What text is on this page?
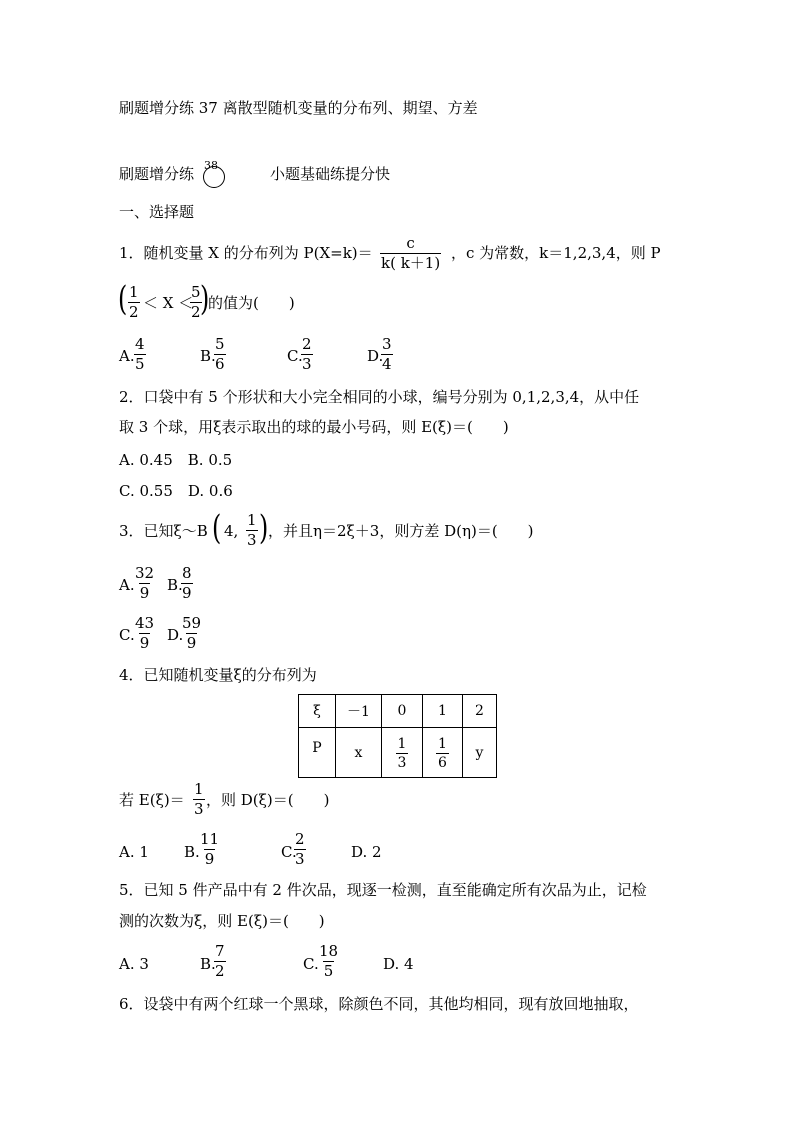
刷题增分练 37 离散型随机变量的分布列、期望、方差
刷题增分练 38	小题基础练提分快
一、选择题
1．随机变量 X 的分布列为 $P(X=k)= \frac{c}{k( k+1)}$ ，c 为常数，k＝1,2,3,4，则 P
( $\frac{1}{2} < X$ ＜
$\frac{5}{2}$
)
的值为(　　)
A. $\frac{4}{5}$	B.
$\frac{5}{6}$	C.
$\frac{2}{3}$	D.
$\frac{3}{4}$
2．口袋中有 5 个形状和大小完全相同的小球，编号分别为 0,1,2,3,4，从中任
取 3 个球，用ξ表示取出的球的最小号码，则 E(ξ)＝(　　)
A. 0.45　B. 0.5
C. 0.55　D. 0.6
3．已知ξ～B ( 4, $\frac{1}{3}$ ) ，并且η＝2ξ＋3，则方差 D(η)＝(　　)
A. $\frac{32}{9} B$.
$\frac{8}{9}$
C. $\frac{43}{9} D$.
$\frac{59}{9}$
4．已知随机变量ξ的分布列为
ξ	－1	0	1	2
P	x	$\frac{1}{3}$	$\frac{1}{6}$	y
若 $E(\xi)= \frac{1}{3}$ ，则 D(ξ)＝(　　)
A. 1 B. $\frac{11}{9}$	C.
$\frac{2}{3}$	D. 2
5．已知 5 件产品中有 2 件次品，现逐一检测，直至能确定所有次品为止，记检
测的次数为ξ，则 E(ξ)＝(　　)
A. 3	B.
$\frac{7}{2}$	C. $\frac{18}{5}$	D. 4
6．设袋中有两个红球一个黑球，除颜色不同，其他均相同，现有放回地抽取，
